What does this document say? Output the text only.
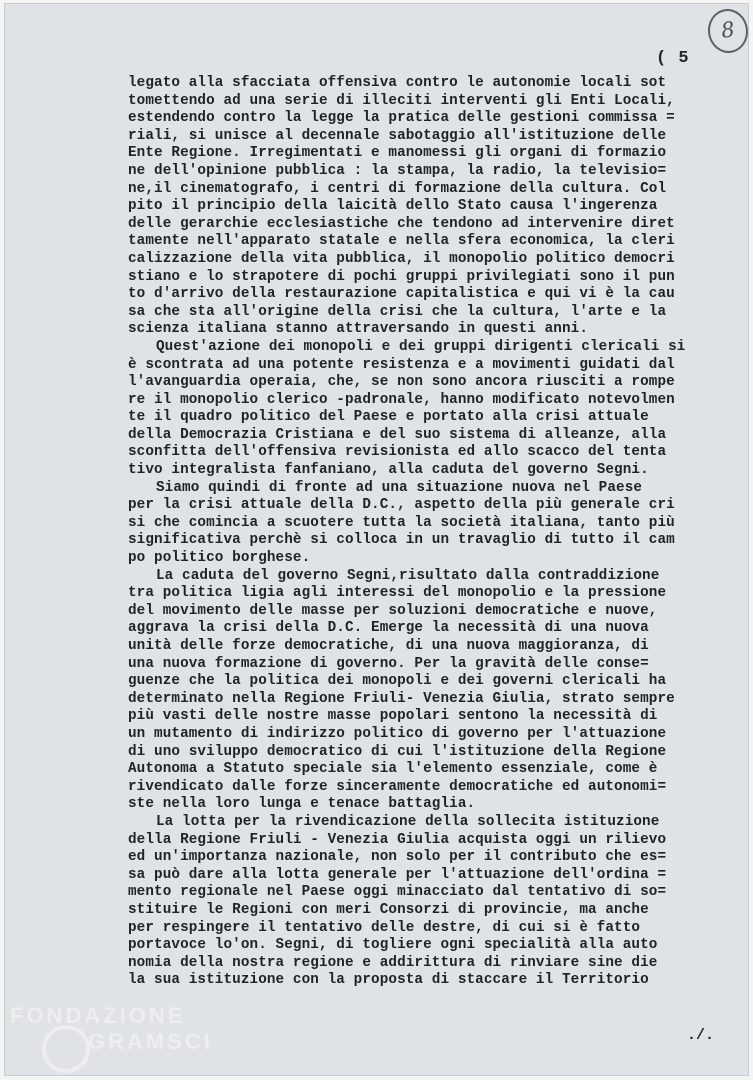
8
( 5
legato alla sfacciata offensiva contro le autonomie locali sot
tomettendo ad una serie di illeciti interventi gli Enti Locali,
estendendo contro la legge la pratica delle gestioni commissa =
riali, si unisce al decennale sabotaggio all'istituzione delle
Ente Regione. Irregimentati e manomessi gli organi di formazio
ne dell'opinione pubblica : la stampa, la radio, la televisio=
ne,il cinematografo, i centri di formazione della cultura. Col
pito il principio della laicità dello Stato causa l'ingerenza
delle gerarchie ecclesiastiche che tendono ad intervenire diret
tamente nell'apparato statale e nella sfera economica, la cleri
calizzazione della vita pubblica, il monopolio politico democri
stiano e lo strapotere di pochi gruppi privilegiati sono il pun
to d'arrivo della restaurazione capitalistica e qui vi è la cau
sa che sta all'origine della crisi che la cultura, l'arte e la
scienza italiana stanno attraversando in questi anni.
Quest'azione dei monopoli e dei gruppi dirigenti clericali si
è scontrata ad una potente resistenza e a movimenti guidati dal
l'avanguardia operaia, che, se non sono ancora riusciti a rompe
re il monopolio clerico -padronale, hanno modificato notevolmen
te il quadro politico del Paese e portato alla crisi attuale
della Democrazia Cristiana e del suo sistema di alleanze, alla
sconfitta dell'offensiva revisionista ed allo scacco del tenta
tivo integralista fanfaniano, alla caduta del governo Segni.
Siamo quindi di fronte ad una situazione nuova nel Paese
per la crisi attuale della D.C., aspetto della più generale cri
si che comincia a scuotere tutta la società italiana, tanto più
significativa perchè si colloca in un travaglio di tutto il cam
po politico borghese.
La caduta del governo Segni,risultato dalla contraddizione
tra politica ligia agli interessi del monopolio e la pressione
del movimento delle masse per soluzioni democratiche e nuove,
aggrava la crisi della D.C. Emerge la necessità di una nuova
unità delle forze democratiche, di una nuova maggioranza, di
una nuova formazione di governo. Per la gravità delle conse=
guenze che la politica dei monopoli e dei governi clericali ha
determinato nella Regione Friuli- Venezia Giulia, strato sempre
più vasti delle nostre masse popolari sentono la necessità di
un mutamento di indirizzo politico di governo per l'attuazione
di uno sviluppo democratico di cui l'istituzione della Regione
Autonoma a Statuto speciale sia l'elemento essenziale, come è
rivendicato dalle forze sinceramente democratiche ed autonomi=
ste nella loro lunga e tenace battaglia.
La lotta per la rivendicazione della sollecita istituzione
della Regione Friuli - Venezia Giulia acquista oggi un rilievo
ed un'importanza nazionale, non solo per il contributo che es=
sa può dare alla lotta generale per l'attuazione dell'ordina =
mento regionale nel Paese oggi minacciato dal tentativo di so=
stituire le Regioni con meri Consorzi di provincie, ma anche
per respingere il tentativo delle destre, di cui si è fatto
portavoce lo'on. Segni, di togliere ogni specialità alla auto
nomia della nostra regione e addirittura di rinviare sine die
la sua istituzione con la proposta di staccare il Territorio
./.
FONDAZIONE
GRAMSCI
